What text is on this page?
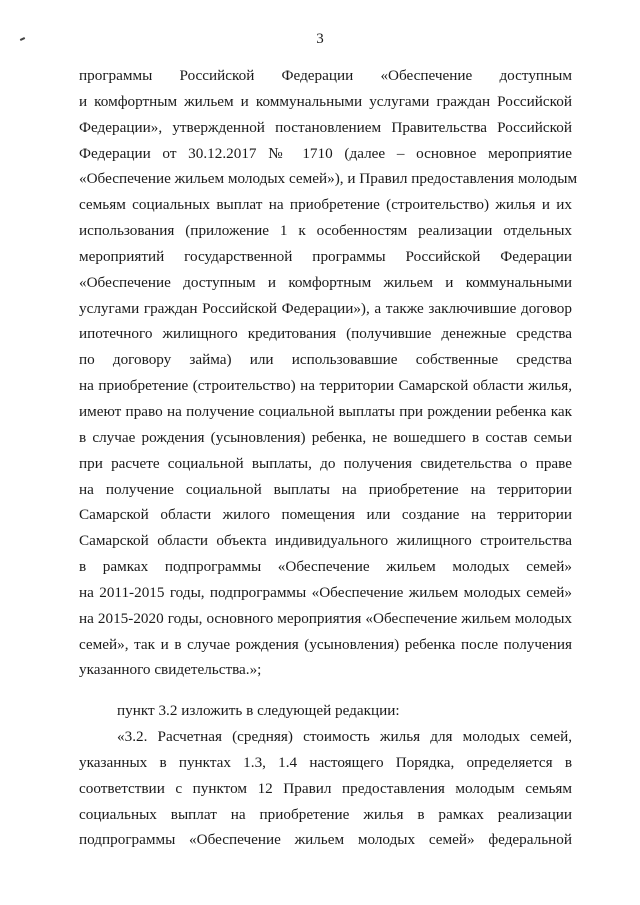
3
программы Российской Федерации «Обеспечение доступным
и комфортным жильем и коммунальными услугами граждан Российской
Федерации», утвержденной постановлением Правительства Российской
Федерации от 30.12.2017 № 1710 (далее – основное мероприятие
«Обеспечение жильем молодых семей»), и Правил предоставления молодым
семьям социальных выплат на приобретение (строительство) жилья и их
использования (приложение 1 к особенностям реализации отдельных
мероприятий государственной программы Российской Федерации
«Обеспечение доступным и комфортным жильем и коммунальными
услугами граждан Российской Федерации»), а также заключившие договор
ипотечного жилищного кредитования (получившие денежные средства
по договору займа) или использовавшие собственные средства
на приобретение (строительство) на территории Самарской области жилья,
имеют право на получение социальной выплаты при рождении ребенка как
в случае рождения (усыновления) ребенка, не вошедшего в состав семьи
при расчете социальной выплаты, до получения свидетельства о праве
на получение социальной выплаты на приобретение на территории
Самарской области жилого помещения или создание на территории
Самарской области объекта индивидуального жилищного строительства
в рамках подпрограммы «Обеспечение жильем молодых семей»
на 2011-2015 годы, подпрограммы «Обеспечение жильем молодых семей»
на 2015-2020 годы, основного мероприятия «Обеспечение жильем молодых
семей», так и в случае рождения (усыновления) ребенка после получения
указанного свидетельства.»;
пункт 3.2 изложить в следующей редакции:
«3.2. Расчетная (средняя) стоимость жилья для молодых семей,
указанных в пунктах 1.3, 1.4 настоящего Порядка, определяется в
соответствии с пунктом 12 Правил предоставления молодым семьям
социальных выплат на приобретение жилья в рамках реализации
подпрограммы «Обеспечение жильем молодых семей» федеральной
